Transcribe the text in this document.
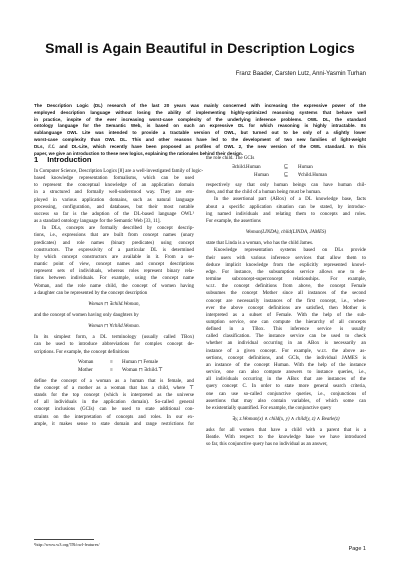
Small is Again Beautiful in Description Logics
Franz Baader, Carsten Lutz, Anni-Yasmin Turhan
The Description Logic (DL) research of the last 20 years was mainly concerned with increasing the expressive power of the
employed description language without losing the ability of implementing highly-optimized reasoning systems that behave well
in practice, inspite of the ever increasing worst-case complexity of the underlying inference problems. OWL DL, the standard
ontology language for the Semantic Web, is based on such an expressive DL for which reasoning is highly intractable. Its
sublanguage OWL Lite was intended to provide a tractable version of OWL, but turned out to be only of a slightly lower
worst-case complexity than OWL DL. This and other reasons have led to the development of two new families of light-weight
DLs, ℰℒ and DL-Lite, which recently have been proposed as profiles of OWL 2, the new version of the OWL standard. In this
paper, we give an introduction to these new logics, explaining the rationales behind their design.
1 Introduction
In Computer Science, Description Logics [8] are a well-investigated family of logic-
based knowledge representation formalisms, which can be used
to represent the conceptual knowledge of an application domain
in a structured and formally well-understood way. They are em-
ployed in various application domains, such as natural language
processing, configuration, and databases, but their most notable
success so far is the adoption of the DL-based language OWL¹
as a standard ontology language for the Semantic Web [33, 11].
In DLs, concepts are formally described by concept descrip-
tions, i.e., expressions that are built from concept names (unary
predicates) and role names (binary predicates) using concept
constructors. The expressivity of a particular DL is determined
by which concept constructors are available in it. From a se-
mantic point of view, concept names and concept descriptions
represent sets of individuals, whereas roles represent binary rela-
tions between individuals. For example, using the concept name
Woman, and the role name child, the concept of women having
a daughter can be represented by the concept description
Woman ⊓ ∃child.Woman,
and the concept of women having only daughters by
Woman ⊓ ∀child.Woman.
In its simplest form, a DL terminology (usually called TBox)
can be used to introduce abbreviations for complex concept de-
scriptions. For example, the concept definitions
Woman	≡ Human ⊓ Female
Mother	≡ Woman ⊓ ∃child.⊤
define the concept of a woman as a human that is female, and
the concept of a mother as a woman that has a child, where ⊤
stands for the top concept (which is interpreted as the universe
of all individuals in the application domain). So-called general
concept inclusions (GCIs) can be used to state additional con-
straints on the interpretation of concepts and roles. In our ex-
ample, it makes sense to state domain and range restrictions for
¹http://www.w3.org/TR/owl-features/
the role child. The GCIs
∃child.Human	⊑ Human
Human	⊑ ∀child.Human
respectively say that only human beings can have human chil-
dren, and that the child of a human being must be human.
In the assertional part (ABox) of a DL knowledge base, facts
about a specific application situation can be stated, by introduc-
ing named individuals and relating them to concepts and roles.
For example, the assertions
Woman(LINDA), child(LINDA, JAMES)
state that Linda is a woman, who has the child James.
Knowledge representation systems based on DLs provide
their users with various inference services that allow them to
deduce implicit knowledge from the explicitly represented knowl-
edge. For instance, the subsumption service allows one to de-
termine subconcept-superconcept relationships. For example,
w.r.t. the concept definitions from above, the concept Female
subsumes the concept Mother since all instances of the second
concept are necessarily instances of the first concept, i.e., when-
ever the above concept definitions are satisfied, then Mother is
interpreted as a subset of Female. With the help of the sub-
sumption service, one can compute the hierarchy of all concepts
defined in a TBox. This inference service is usually
called classification. The instance service can be used to check
whether an individual occurring in an ABox is necessarily an
instance of a given concept. For example, w.r.t. the above as-
sertions, concept definitions, and GCIs, the individual JAMES is
an instance of the concept Human. With the help of the instance
service, one can also compute answers to instance queries, i.e.,
all individuals occurring in the ABox that are instances of the
query concept C. In order to state more general search criteria,
one can use so-called conjunctive queries, i.e., conjunctions of
assertions that may also contain variables, of which some can
be existentially quantified. For example, the conjunctive query
∃y, z.Woman(x) ∧ child(x, y) ∧ child(y, z) ∧ Beatle(z)
asks for all women that have a child with a parent that is a
Beatle. With respect to the knowledge base we have introduced
so far, this conjunctive query has no individual as an answer,
Page 1
